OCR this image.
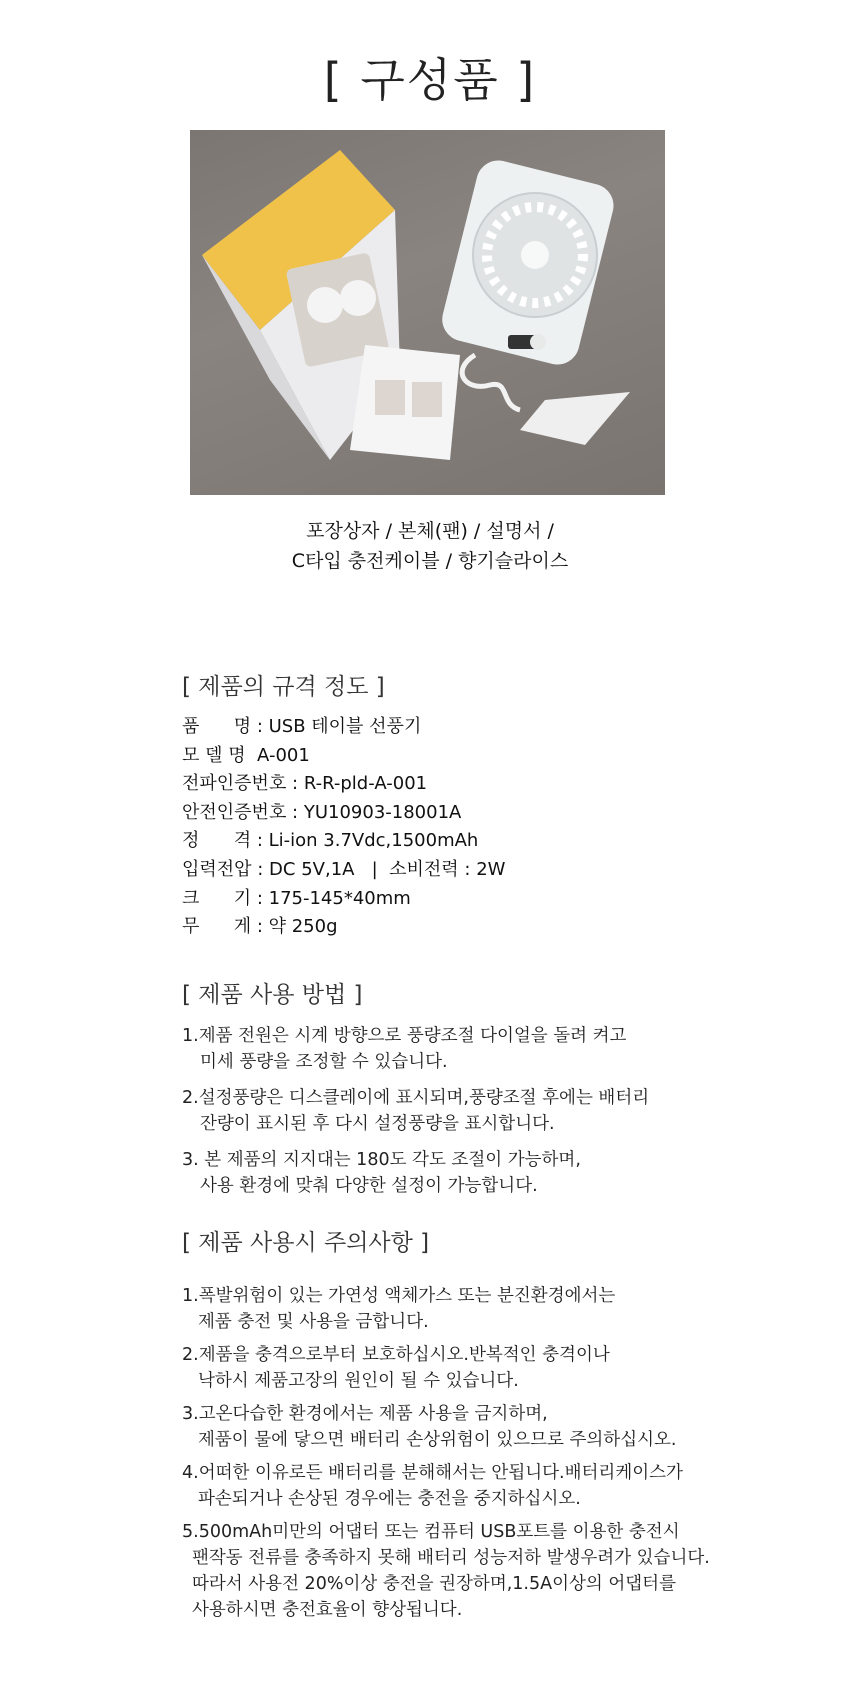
[ 구성품 ]
포장상자 / 본체(팬) / 설명서 /
C타입 충전케이블 / 향기슬라이스
[ 제품의 규격 정도 ]
품      명 : USB 테이블 선풍기
모 델 명  A-001
전파인증번호 : R-R-pld-A-001
안전인증번호 : YU10903-18001A
정      격 : Li-ion 3.7Vdc,1500mAh
입력전압 : DC 5V,1A   |  소비전력 : 2W
크      기 : 175-145*40mm
무      게 : 약 250g
[ 제품 사용 방법 ]
1.제품 전원은 시계 방향으로 풍량조절 다이얼을 돌려 켜고
미세 풍량을 조정할 수 있습니다.
2.설정풍량은 디스클레이에 표시되며,풍량조절 후에는 배터리
잔량이 표시된 후 다시 설정풍량을 표시합니다.
3. 본 제품의 지지대는 180도 각도 조절이 가능하며,
사용 환경에 맞춰 다양한 설정이 가능합니다.
[ 제품 사용시 주의사항 ]
1.폭발위험이 있는 가연성 액체가스 또는 분진환경에서는
제품 충전 및 사용을 금합니다.
2.제품을 충격으로부터 보호하십시오.반복적인 충격이나
낙하시 제품고장의 원인이 될 수 있습니다.
3.고온다습한 환경에서는 제품 사용을 금지하며,
제품이 물에 닿으면 배터리 손상위험이 있으므로 주의하십시오.
4.어떠한 이유로든 배터리를 분해해서는 안됩니다.배터리케이스가
파손되거나 손상된 경우에는 충전을 중지하십시오.
5.500mAh미만의 어댑터 또는 컴퓨터 USB포트를 이용한 충전시
팬작동 전류를 충족하지 못해 배터리 성능저하 발생우려가 있습니다.
따라서 사용전 20%이상 충전을 권장하며,1.5A이상의 어댑터를
사용하시면 충전효율이 향상됩니다.
